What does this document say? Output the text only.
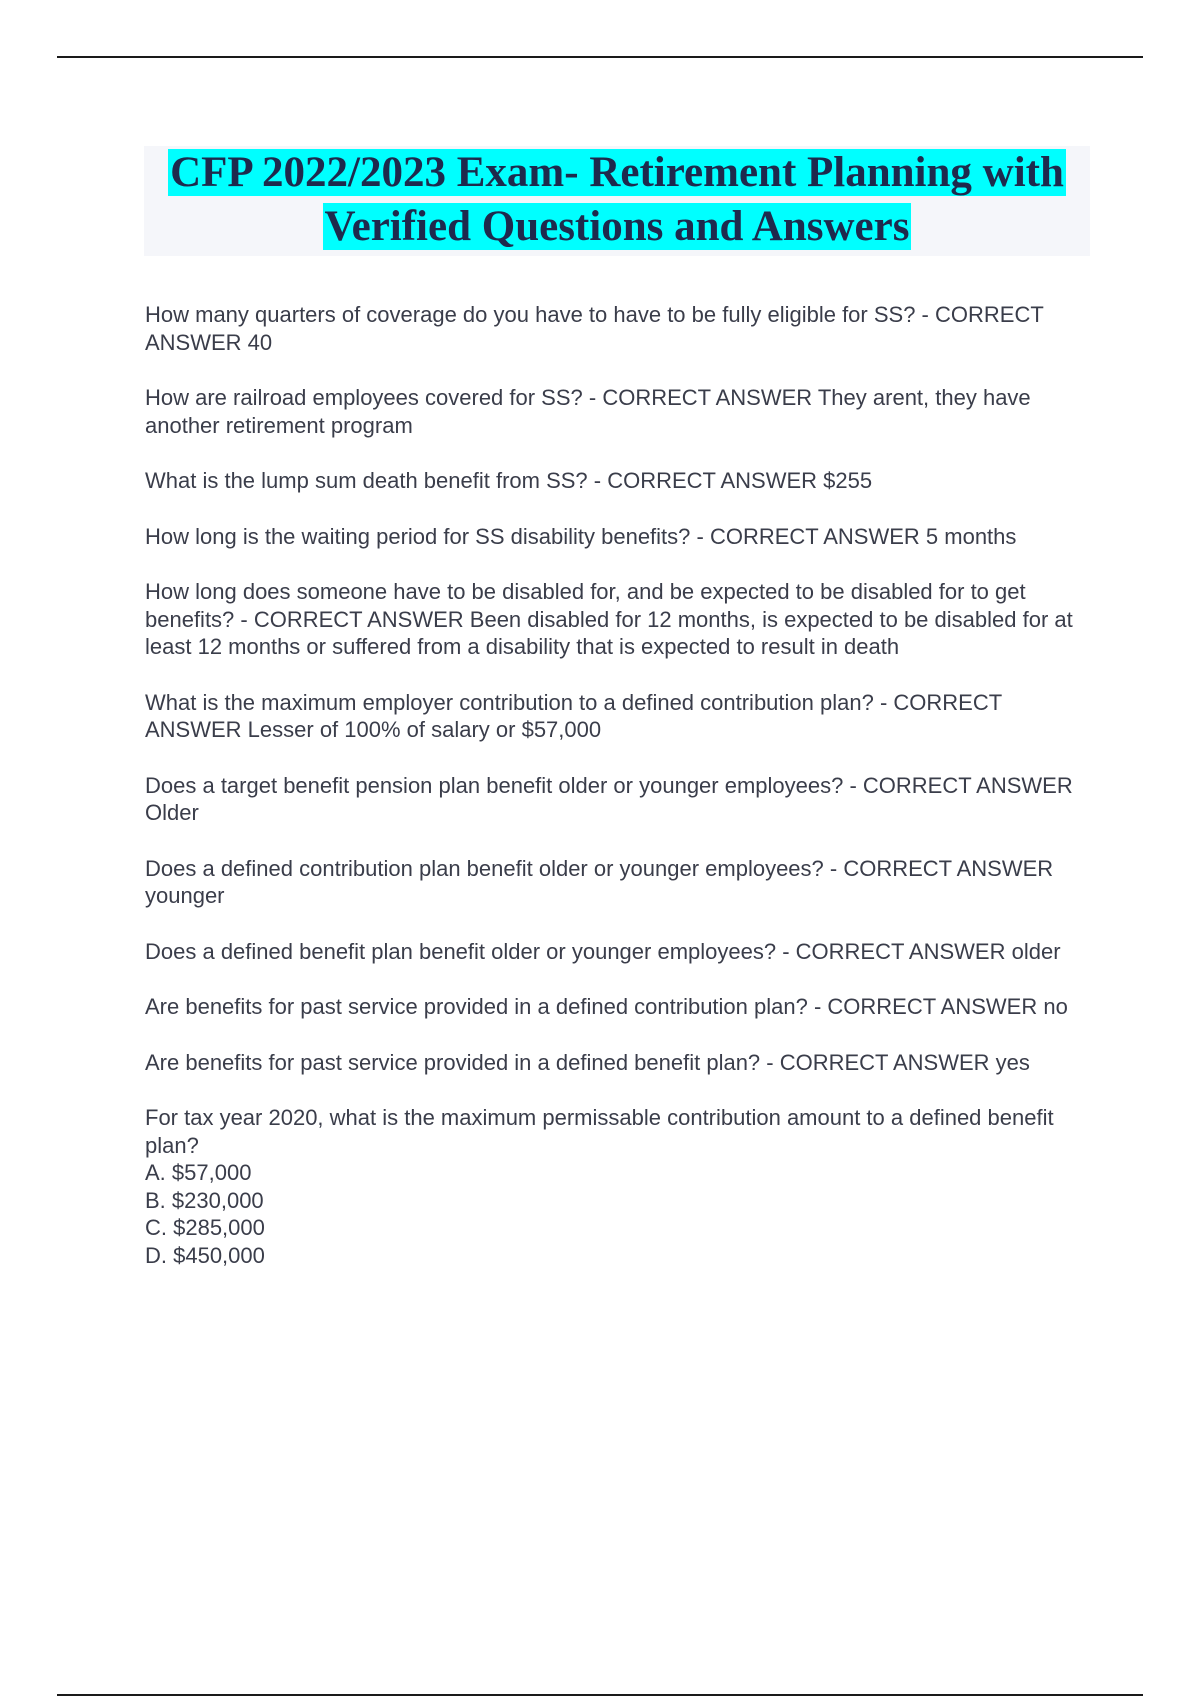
CFP 2022/2023 Exam- Retirement Planning with Verified Questions and Answers

How many quarters of coverage do you have to have to be fully eligible for SS? - CORRECT ANSWER 40

How are railroad employees covered for SS? - CORRECT ANSWER They arent, they have another retirement program

What is the lump sum death benefit from SS? - CORRECT ANSWER $255

How long is the waiting period for SS disability benefits? - CORRECT ANSWER 5 months

How long does someone have to be disabled for, and be expected to be disabled for to get benefits? - CORRECT ANSWER Been disabled for 12 months, is expected to be disabled for at least 12 months or suffered from a disability that is expected to result in death

What is the maximum employer contribution to a defined contribution plan? - CORRECT ANSWER Lesser of 100% of salary or $57,000

Does a target benefit pension plan benefit older or younger employees? - CORRECT ANSWER Older

Does a defined contribution plan benefit older or younger employees? - CORRECT ANSWER younger

Does a defined benefit plan benefit older or younger employees? - CORRECT ANSWER older

Are benefits for past service provided in a defined contribution plan? - CORRECT ANSWER no

Are benefits for past service provided in a defined benefit plan? - CORRECT ANSWER yes

For tax year 2020, what is the maximum permissable contribution amount to a defined benefit plan?

A. $57,000
B. $230,000
C. $285,000
D. $450,000
